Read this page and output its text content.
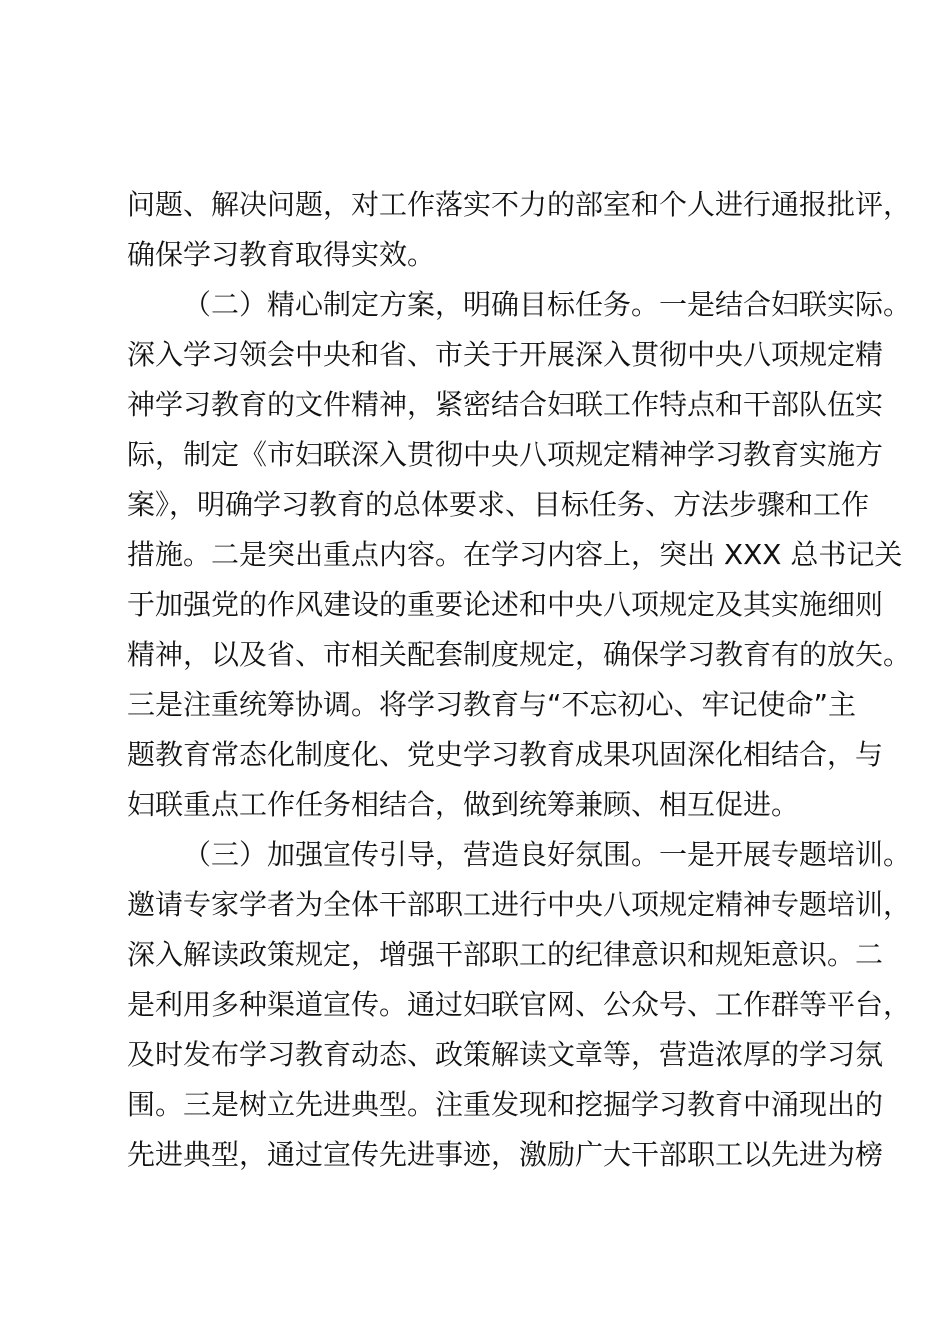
问题、解决问题，对工作落实不力的部室和个人进行通报批评，
确保学习教育取得实效。
（二）精心制定方案，明确目标任务。一是结合妇联实际。
深入学习领会中央和省、市关于开展深入贯彻中央八项规定精
神学习教育的文件精神，紧密结合妇联工作特点和干部队伍实
际，制定《市妇联深入贯彻中央八项规定精神学习教育实施方
案》，明确学习教育的总体要求、目标任务、方法步骤和工作
措施。二是突出重点内容。在学习内容上，突出 XXX 总书记关
于加强党的作风建设的重要论述和中央八项规定及其实施细则
精神，以及省、市相关配套制度规定，确保学习教育有的放矢。
三是注重统筹协调。将学习教育与“不忘初心、牢记使命”主
题教育常态化制度化、党史学习教育成果巩固深化相结合，与
妇联重点工作任务相结合，做到统筹兼顾、相互促进。
（三）加强宣传引导，营造良好氛围。一是开展专题培训。
邀请专家学者为全体干部职工进行中央八项规定精神专题培训，
深入解读政策规定，增强干部职工的纪律意识和规矩意识。二
是利用多种渠道宣传。通过妇联官网、公众号、工作群等平台，
及时发布学习教育动态、政策解读文章等，营造浓厚的学习氛
围。三是树立先进典型。注重发现和挖掘学习教育中涌现出的
先进典型，通过宣传先进事迹，激励广大干部职工以先进为榜
